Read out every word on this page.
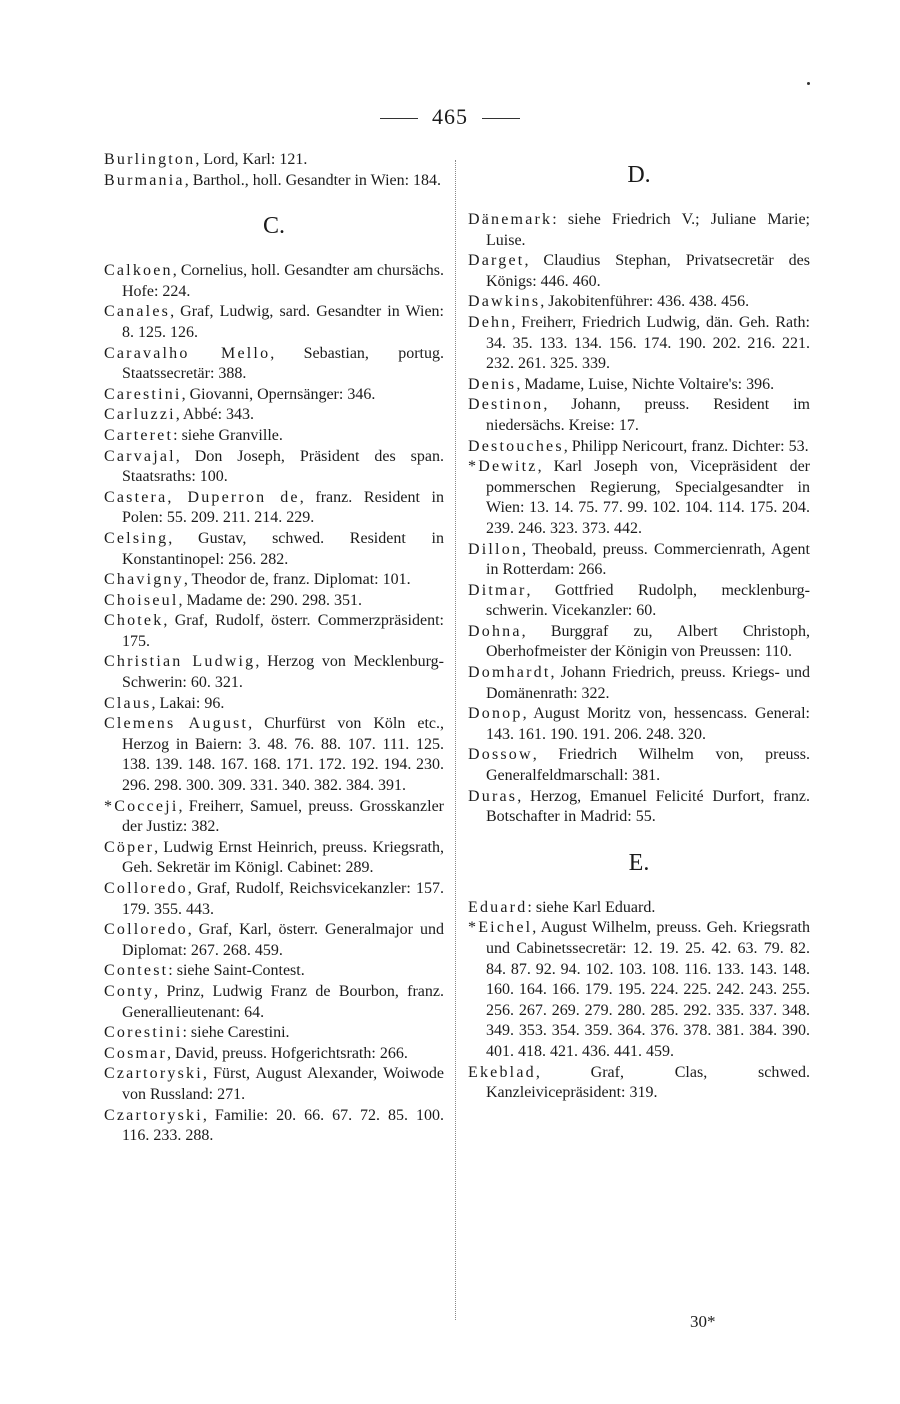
465
Burlington, Lord, Karl: 121.
Burmania, Barthol., holl. Gesandter in Wien: 184.
C.
Calkoen, Cornelius, holl. Gesandter am chursächs. Hofe: 224.
Canales, Graf, Ludwig, sard. Gesandter in Wien: 8. 125. 126.
Caravalho Mello, Sebastian, portug. Staatssecretär: 388.
Carestini, Giovanni, Opernsänger: 346.
Carluzzi, Abbé: 343.
Carteret: siehe Granville.
Carvajal, Don Joseph, Präsident des span. Staatsraths: 100.
Castera, Duperron de, franz. Resident in Polen: 55. 209. 211. 214. 229.
Celsing, Gustav, schwed. Resident in Konstantinopel: 256. 282.
Chavigny, Theodor de, franz. Diplomat: 101.
Choiseul, Madame de: 290. 298. 351.
Chotek, Graf, Rudolf, österr. Commerzpräsident: 175.
Christian Ludwig, Herzog von Mecklenburg-Schwerin: 60. 321.
Claus, Lakai: 96.
Clemens August, Churfürst von Köln etc., Herzog in Baiern: 3. 48. 76. 88. 107. 111. 125. 138. 139. 148. 167. 168. 171. 172. 192. 194. 230. 296. 298. 300. 309. 331. 340. 382. 384. 391.
*Cocceji, Freiherr, Samuel, preuss. Grosskanzler der Justiz: 382.
Cöper, Ludwig Ernst Heinrich, preuss. Kriegsrath, Geh. Sekretär im Königl. Cabinet: 289.
Colloredo, Graf, Rudolf, Reichsvicekanzler: 157. 179. 355. 443.
Colloredo, Graf, Karl, österr. Generalmajor und Diplomat: 267. 268. 459.
Contest: siehe Saint-Contest.
Conty, Prinz, Ludwig Franz de Bourbon, franz. Generallieutenant: 64.
Corestini: siehe Carestini.
Cosmar, David, preuss. Hofgerichtsrath: 266.
Czartoryski, Fürst, August Alexander, Woiwode von Russland: 271.
Czartoryski, Familie: 20. 66. 67. 72. 85. 100. 116. 233. 288.
D.
Dänemark: siehe Friedrich V.; Juliane Marie; Luise.
Darget, Claudius Stephan, Privatsecretär des Königs: 446. 460.
Dawkins, Jakobitenführer: 436. 438. 456.
Dehn, Freiherr, Friedrich Ludwig, dän. Geh. Rath: 34. 35. 133. 134. 156. 174. 190. 202. 216. 221. 232. 261. 325. 339.
Denis, Madame, Luise, Nichte Voltaire's: 396.
Destinon, Johann, preuss. Resident im niedersächs. Kreise: 17.
Destouches, Philipp Nericourt, franz. Dichter: 53.
*Dewitz, Karl Joseph von, Vicepräsident der pommerschen Regierung, Specialgesandter in Wien: 13. 14. 75. 77. 99. 102. 104. 114. 175. 204. 239. 246. 323. 373. 442.
Dillon, Theobald, preuss. Commercienrath, Agent in Rotterdam: 266.
Ditmar, Gottfried Rudolph, mecklenburg-schwerin. Vicekanzler: 60.
Dohna, Burggraf zu, Albert Christoph, Oberhofmeister der Königin von Preussen: 110.
Domhardt, Johann Friedrich, preuss. Kriegs- und Domänenrath: 322.
Donop, August Moritz von, hessencass. General: 143. 161. 190. 191. 206. 248. 320.
Dossow, Friedrich Wilhelm von, preuss. Generalfeldmarschall: 381.
Duras, Herzog, Emanuel Felicité Durfort, franz. Botschafter in Madrid: 55.
E.
Eduard: siehe Karl Eduard.
*Eichel, August Wilhelm, preuss. Geh. Kriegsrath und Cabinetssecretär: 12. 19. 25. 42. 63. 79. 82. 84. 87. 92. 94. 102. 103. 108. 116. 133. 143. 148. 160. 164. 166. 179. 195. 224. 225. 242. 243. 255. 256. 267. 269. 279. 280. 285. 292. 335. 337. 348. 349. 353. 354. 359. 364. 376. 378. 381. 384. 390. 401. 418. 421. 436. 441. 459.
Ekeblad, Graf, Clas, schwed. Kanzleivicepräsident: 319.
30*
